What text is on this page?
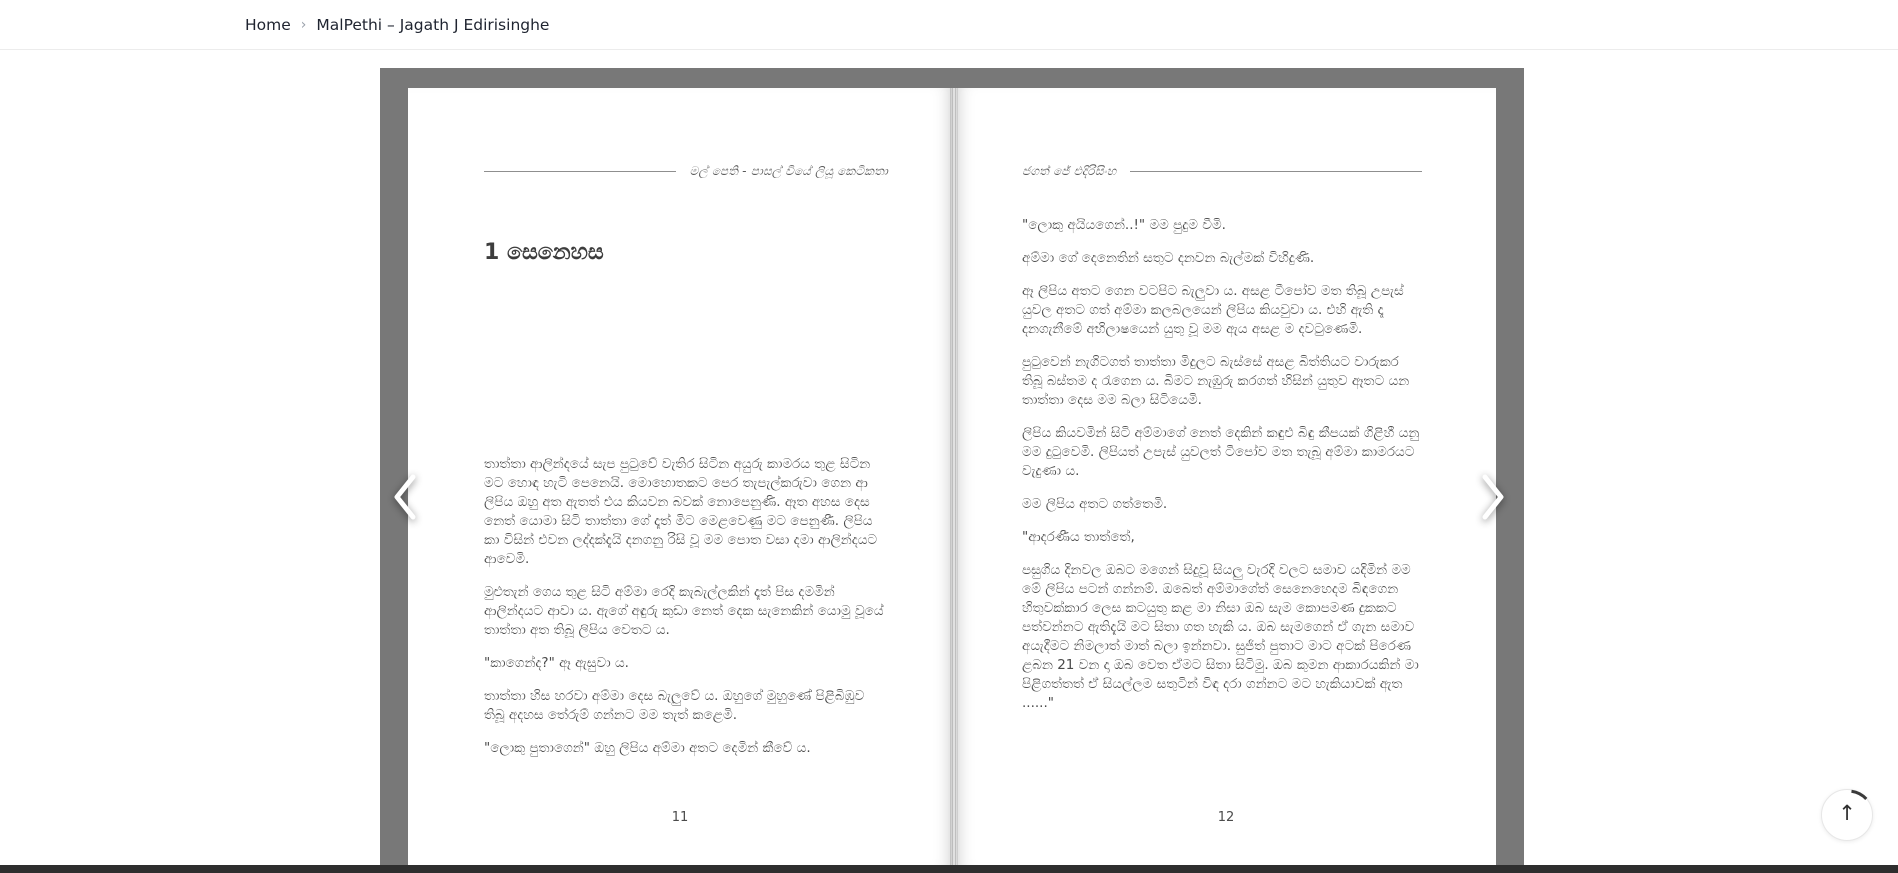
Home › MalPethi – Jagath J Edirisinghe
මල් පෙති - පාසල් වියේ ලියූ කෙටිකතා
1 සෙනෙහස

තාත්තා ආලින්දයේ සැප පුටුවේ වැතිර සිටින අයුරු කාමරය තුළ සිටින මට හොඳ හැටි පෙනෙයි. මොහොතකට පෙර තැපැල්කරුවා ගෙන ආ ලිපිය ඔහු අත ඇතත් එය කියවන බවක් නොපෙනුණි. ඈත අහස දෙස නෙත් යොමා සිටි තාත්තා ගේ දෑත් මිට මෙළවෙණු මට පෙනුණී. ලිපිය කා විසින් එවන ලද්දක්දැයි දනගනු රිසි වූ මම පොත වසා දමා ආලින්දයට ආවෙමි.

මුළුතැන් ගෙය තුළ සිටි අම්මා රෙදි කැබැල්ලකින් දෑත් පිස දමමින් ආලින්දයට ආවා ය. ඇගේ අඳුරු කුඩා නෙත් දෙක සැනෙකින් යොමු වූයේ තාත්තා අත තිබූ ලිපිය වෙතට ය.

"කාගෙන්ද?" ඈ ඇසුවා ය.

තාත්තා හිස හරවා අම්මා දෙස බැලුවේ ය. ඔහුගේ මුහුණේ පිළිබිඹුව තිබූ අදහස තේරුම් ගන්නට මම තැත් කළෙමි.

"ලොකු පුතාගෙන්" ඔහු ලිපිය අම්මා අතට දෙමින් කීවේ ය.

11
ජගත් ජේ එදිරිසිංහ

"ලොකු අයියගෙන්..!" මම පුදුම වීමි.

අම්මා ගේ දෙනෙතින් සතුට දනවන බැල්මක් විහිදුණි.

ඈ ලිපිය අතට ගෙන වටපිට බැලුවා ය. අසළ ටීපෝව මත තිබූ උපැස් යුවල අතට ගත් අම්මා කලබලයෙන් ලිපිය කියවුවා ය. එහි ඇති දෑ දනගැනීමේ අභිලාෂයෙන් යුතු වූ මම ඇය අසළ ම දවටුණෙමි.

පුටුවෙන් නැගිටගත් තාත්තා මිදුලට බැස්සේ අසළ බිත්තියට වාරුකර තිබූ බස්තම ද රැගෙන ය. බිමට නැඹුරු කරගත් හිසින් යුතුව ඈතට යන තාත්තා දෙස මම බලා සිටියෙමි.

ලිපිය කියවමින් සිටි අම්මාගේ නෙත් දෙකින් කඳුළු බිඳු කීපයක් ගිළිහී යනු මම දුටුවෙමි. ලිපියත් උපැස් යුවලත් ටීපෝව මත තැබූ අම්මා කාමරයට වැදුණා ය.

මම ලිපිය අතට ගත්තෙමි.

"ආදරණීය තාත්තේ,

පසුගිය දිනවල ඔබට මගෙන් සිදුවූ සියලු වැරදි වලට සමාව යදිමින් මම මේ ලිපිය පටන් ගන්නම්. ඔබෙත් අම්මාගේත් සෙනෙහෙදම බිඳගෙන හිතුවක්කාර ලෙස කටයුතු කළ මා නිසා ඔබ සැම කොපමණ දුකකට පත්වන්නට ඇතිදැයි මට සිතා ගත හැකි ය. ඔබ සැමගෙන් ඒ ගැන සමාව අයැදීමට නිමලාත් මාත් බලා ඉන්නවා. සුජිත් පුතාට මාට අටක් පිරෙණ ළබන 21 වන දා ඔබ වෙත ඒමට සිතා සිටිමු. ඔබ කුමන ආකාරයකින් මා පිළිගත්තත් ඒ සියල්ලම සතුටින් විඳ දරා ගන්නට මට හැකියාවක් ඇත ......"

12	↑
